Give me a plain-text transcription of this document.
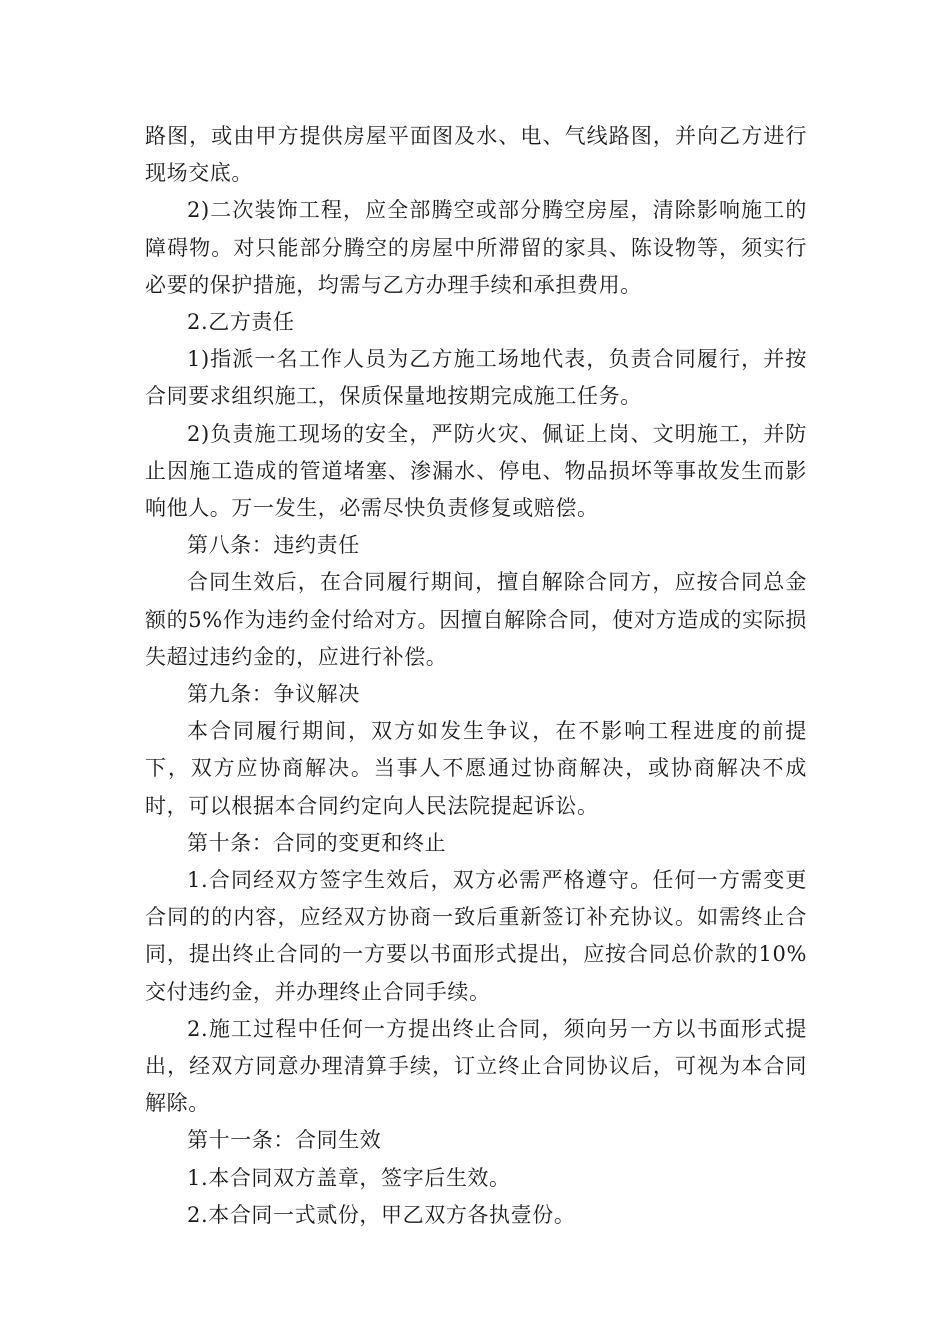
路图，或由甲方提供房屋平面图及水、电、气线路图，并向乙方进行现场交底。

2)二次装饰工程，应全部腾空或部分腾空房屋，清除影响施工的障碍物。对只能部分腾空的房屋中所滞留的家具、陈设物等，须实行必要的保护措施，均需与乙方办理手续和承担费用。

2.乙方责任

1)指派一名工作人员为乙方施工场地代表，负责合同履行，并按合同要求组织施工，保质保量地按期完成施工任务。

2)负责施工现场的安全，严防火灾、佩证上岗、文明施工，并防止因施工造成的管道堵塞、渗漏水、停电、物品损坏等事故发生而影响他人。万一发生，必需尽快负责修复或赔偿。

第八条：违约责任

合同生效后，在合同履行期间，擅自解除合同方，应按合同总金额的5%作为违约金付给对方。因擅自解除合同，使对方造成的实际损失超过违约金的，应进行补偿。

第九条：争议解决

本合同履行期间，双方如发生争议，在不影响工程进度的前提下，双方应协商解决。当事人不愿通过协商解决，或协商解决不成时，可以根据本合同约定向人民法院提起诉讼。

第十条：合同的变更和终止

1.合同经双方签字生效后，双方必需严格遵守。任何一方需变更合同的的内容，应经双方协商一致后重新签订补充协议。如需终止合同，提出终止合同的一方要以书面形式提出，应按合同总价款的10%交付违约金，并办理终止合同手续。

2.施工过程中任何一方提出终止合同，须向另一方以书面形式提出，经双方同意办理清算手续，订立终止合同协议后，可视为本合同解除。

第十一条：合同生效

1.本合同双方盖章，签字后生效。

2.本合同一式贰份，甲乙双方各执壹份。
